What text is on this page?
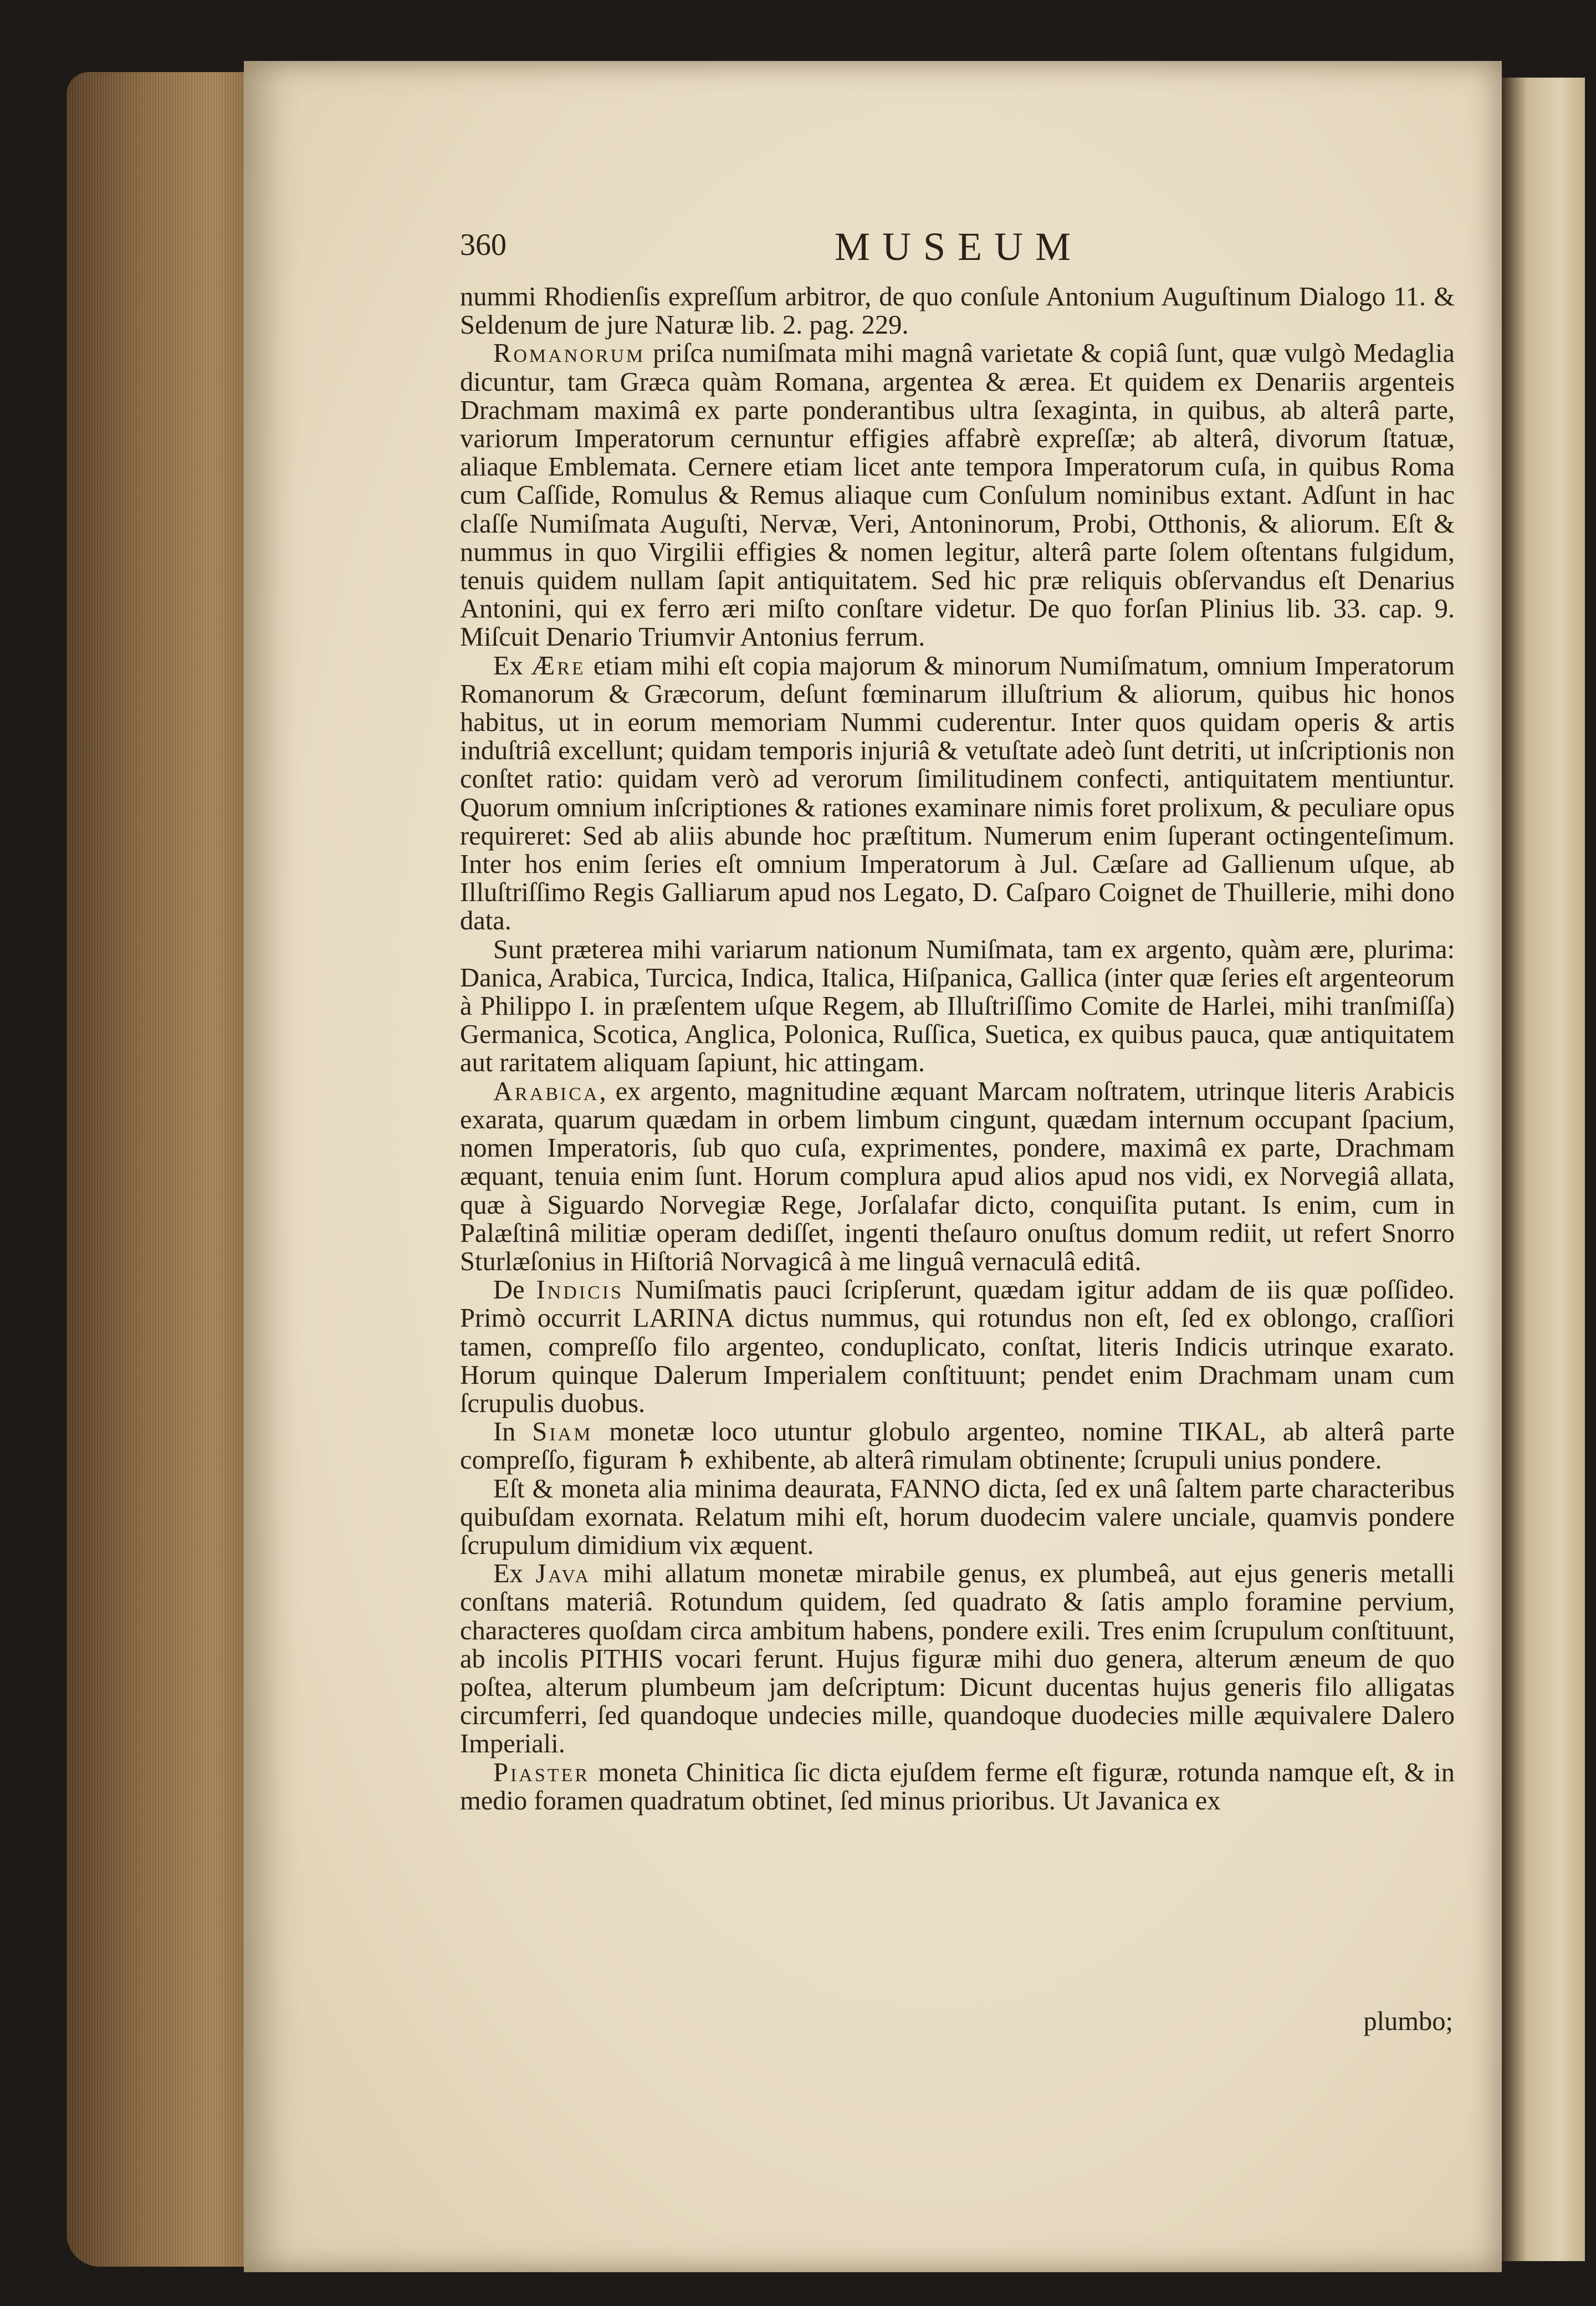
360	MUSEUM

nummi Rhodienſis expreſſum arbitror, de quo conſule Antonium Auguſtinum Dialogo 11. & Seldenum de jure Naturæ lib. 2. pag. 229.

Romanorum priſca numiſmata mihi magnâ varietate & copiâ ſunt, quæ vulgò Medaglia dicuntur, tam Græca quàm Romana, argentea & ærea. Et quidem ex Denariis argenteis Drachmam maximâ ex parte ponderantibus ultra ſexaginta, in quibus, ab alterâ parte, variorum Imperatorum cernuntur effigies affabrè expreſſæ; ab alterâ, divorum ſtatuæ, aliaque Emblemata. Cernere etiam licet ante tempora Imperatorum cuſa, in quibus Roma cum Caſſide, Romulus & Remus aliaque cum Conſulum nominibus extant. Adſunt in hac claſſe Numiſmata Auguſti, Nervæ, Veri, Antoninorum, Probi, Otthonis, & aliorum. Eſt & nummus in quo Virgilii effigies & nomen legitur, alterâ parte ſolem oſtentans fulgidum, tenuis quidem nullam ſapit antiquitatem. Sed hic præ reliquis obſervandus eſt Denarius Antonini, qui ex ferro æri miſto conſtare videtur. De quo forſan Plinius lib. 33. cap. 9. Miſcuit Denario Triumvir Antonius ferrum.

Ex Ære etiam mihi eſt copia majorum & minorum Numiſmatum, omnium Imperatorum Romanorum & Græcorum, deſunt fœminarum illuſtrium & aliorum, quibus hic honos habitus, ut in eorum memoriam Nummi cuderentur. Inter quos quidam operis & artis induſtriâ excellunt; quidam temporis injuriâ & vetuſtate adeò ſunt detriti, ut inſcriptionis non conſtet ratio: quidam verò ad verorum ſimilitudinem confecti, antiquitatem mentiuntur. Quorum omnium inſcriptiones & rationes examinare nimis foret prolixum, & peculiare opus requireret: Sed ab aliis abunde hoc præſtitum. Numerum enim ſuperant octingenteſimum. Inter hos enim ſeries eſt omnium Imperatorum à Jul. Cæſare ad Gallienum uſque, ab Illuſtriſſimo Regis Galliarum apud nos Legato, D. Caſparo Coignet de Thuillerie, mihi dono data.

Sunt præterea mihi variarum nationum Numiſmata, tam ex argento, quàm ære, plurima: Danica, Arabica, Turcica, Indica, Italica, Hiſpanica, Gallica (inter quæ ſeries eſt argenteorum à Philippo I. in præſentem uſque Regem, ab Illuſtriſſimo Comite de Harlei, mihi tranſmiſſa) Germanica, Scotica, Anglica, Polonica, Ruſſica, Suetica, ex quibus pauca, quæ antiquitatem aut raritatem aliquam ſapiunt, hic attingam.

Arabica, ex argento, magnitudine æquant Marcam noſtratem, utrinque literis Arabicis exarata, quarum quædam in orbem limbum cingunt, quædam internum occupant ſpacium, nomen Imperatoris, ſub quo cuſa, exprimentes, pondere, maximâ ex parte, Drachmam æquant, tenuia enim ſunt. Horum complura apud alios apud nos vidi, ex Norvegiâ allata, quæ à Siguardo Norvegiæ Rege, Jorſalafar dicto, conquiſita putant. Is enim, cum in Palæſtinâ militiæ operam dediſſet, ingenti theſauro onuſtus domum rediit, ut refert Snorro Sturlæſonius in Hiſtoriâ Norvagicâ à me linguâ vernaculâ editâ.

De Indicis Numiſmatis pauci ſcripſerunt, quædam igitur addam de iis quæ poſſideo. Primò occurrit LARINA dictus nummus, qui rotundus non eſt, ſed ex oblongo, craſſiori tamen, compreſſo filo argenteo, conduplicato, conſtat, literis Indicis utrinque exarato. Horum quinque Dalerum Imperialem conſtituunt; pendet enim Drachmam unam cum ſcrupulis duobus.

In Siam monetæ loco utuntur globulo argenteo, nomine TIKAL, ab alterâ parte compreſſo, figuram ♄ exhibente, ab alterâ rimulam obtinente; ſcrupuli unius pondere.

Eſt & moneta alia minima deaurata, FANNO dicta, ſed ex unâ ſaltem parte characteribus quibuſdam exornata. Relatum mihi eſt, horum duodecim valere unciale, quamvis pondere ſcrupulum dimidium vix æquent.

Ex Java mihi allatum monetæ mirabile genus, ex plumbeâ, aut ejus generis metalli conſtans materiâ. Rotundum quidem, ſed quadrato & ſatis amplo foramine pervium, characteres quoſdam circa ambitum habens, pondere exili. Tres enim ſcrupulum conſtituunt, ab incolis PITHIS vocari ferunt. Hujus figuræ mihi duo genera, alterum æneum de quo poſtea, alterum plumbeum jam deſcriptum: Dicunt ducentas hujus generis filo alligatas circumferri, ſed quandoque undecies mille, quandoque duodecies mille æquivalere Dalero Imperiali.

Piaster moneta Chinitica ſic dicta ejuſdem ferme eſt figuræ, rotunda namque eſt, & in medio foramen quadratum obtinet, ſed minus prioribus. Ut Javanica ex

plumbo;
